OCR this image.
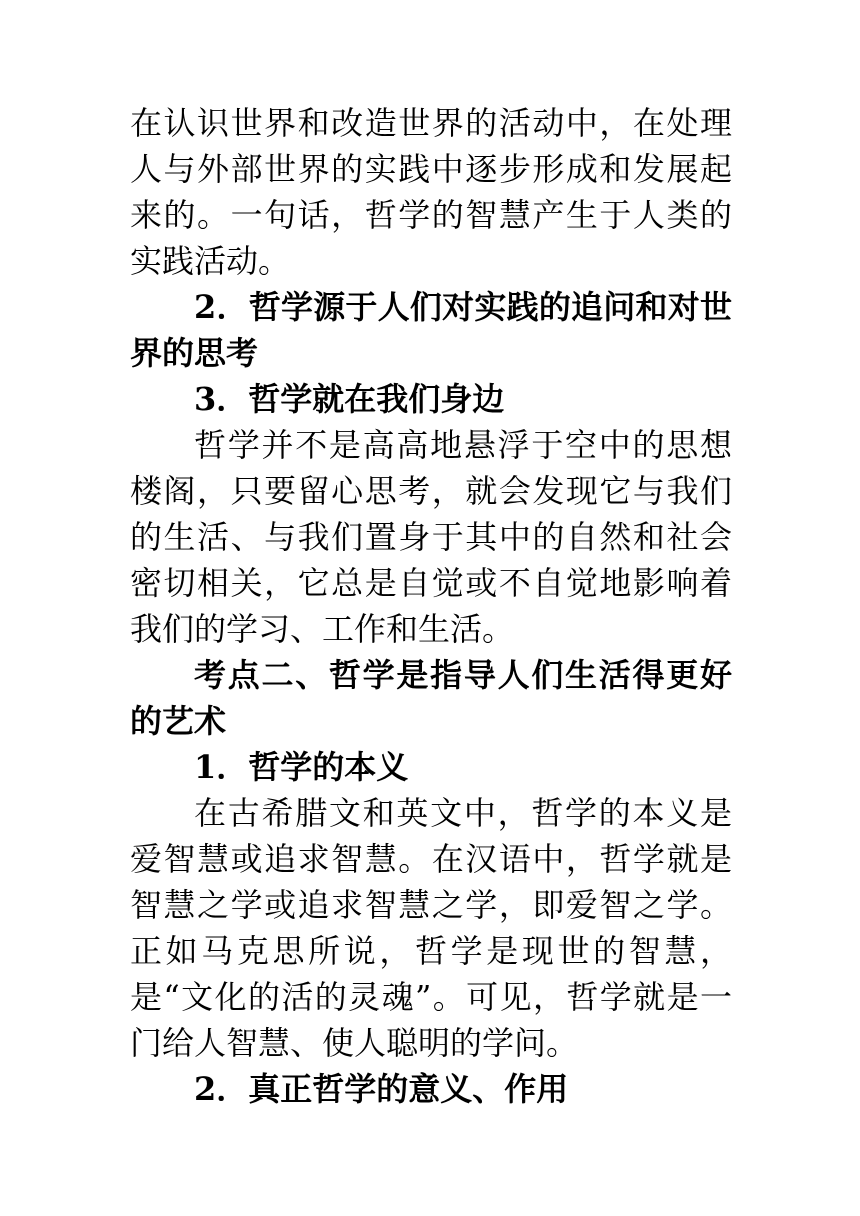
在认识世界和改造世界的活动中，在处理人与外部世界的实践中逐步形成和发展起来的。一句话，哲学的智慧产生于人类的实践活动。

2．哲学源于人们对实践的追问和对世界的思考

3．哲学就在我们身边

哲学并不是高高地悬浮于空中的思想楼阁，只要留心思考，就会发现它与我们的生活、与我们置身于其中的自然和社会密切相关，它总是自觉或不自觉地影响着我们的学习、工作和生活。

考点二、哲学是指导人们生活得更好的艺术

1．哲学的本义

在古希腊文和英文中，哲学的本义是爱智慧或追求智慧。在汉语中，哲学就是智慧之学或追求智慧之学，即爱智之学。正如马克思所说，哲学是现世的智慧，是“文化的活的灵魂”。可见，哲学就是一门给人智慧、使人聪明的学问。

2．真正哲学的意义、作用
